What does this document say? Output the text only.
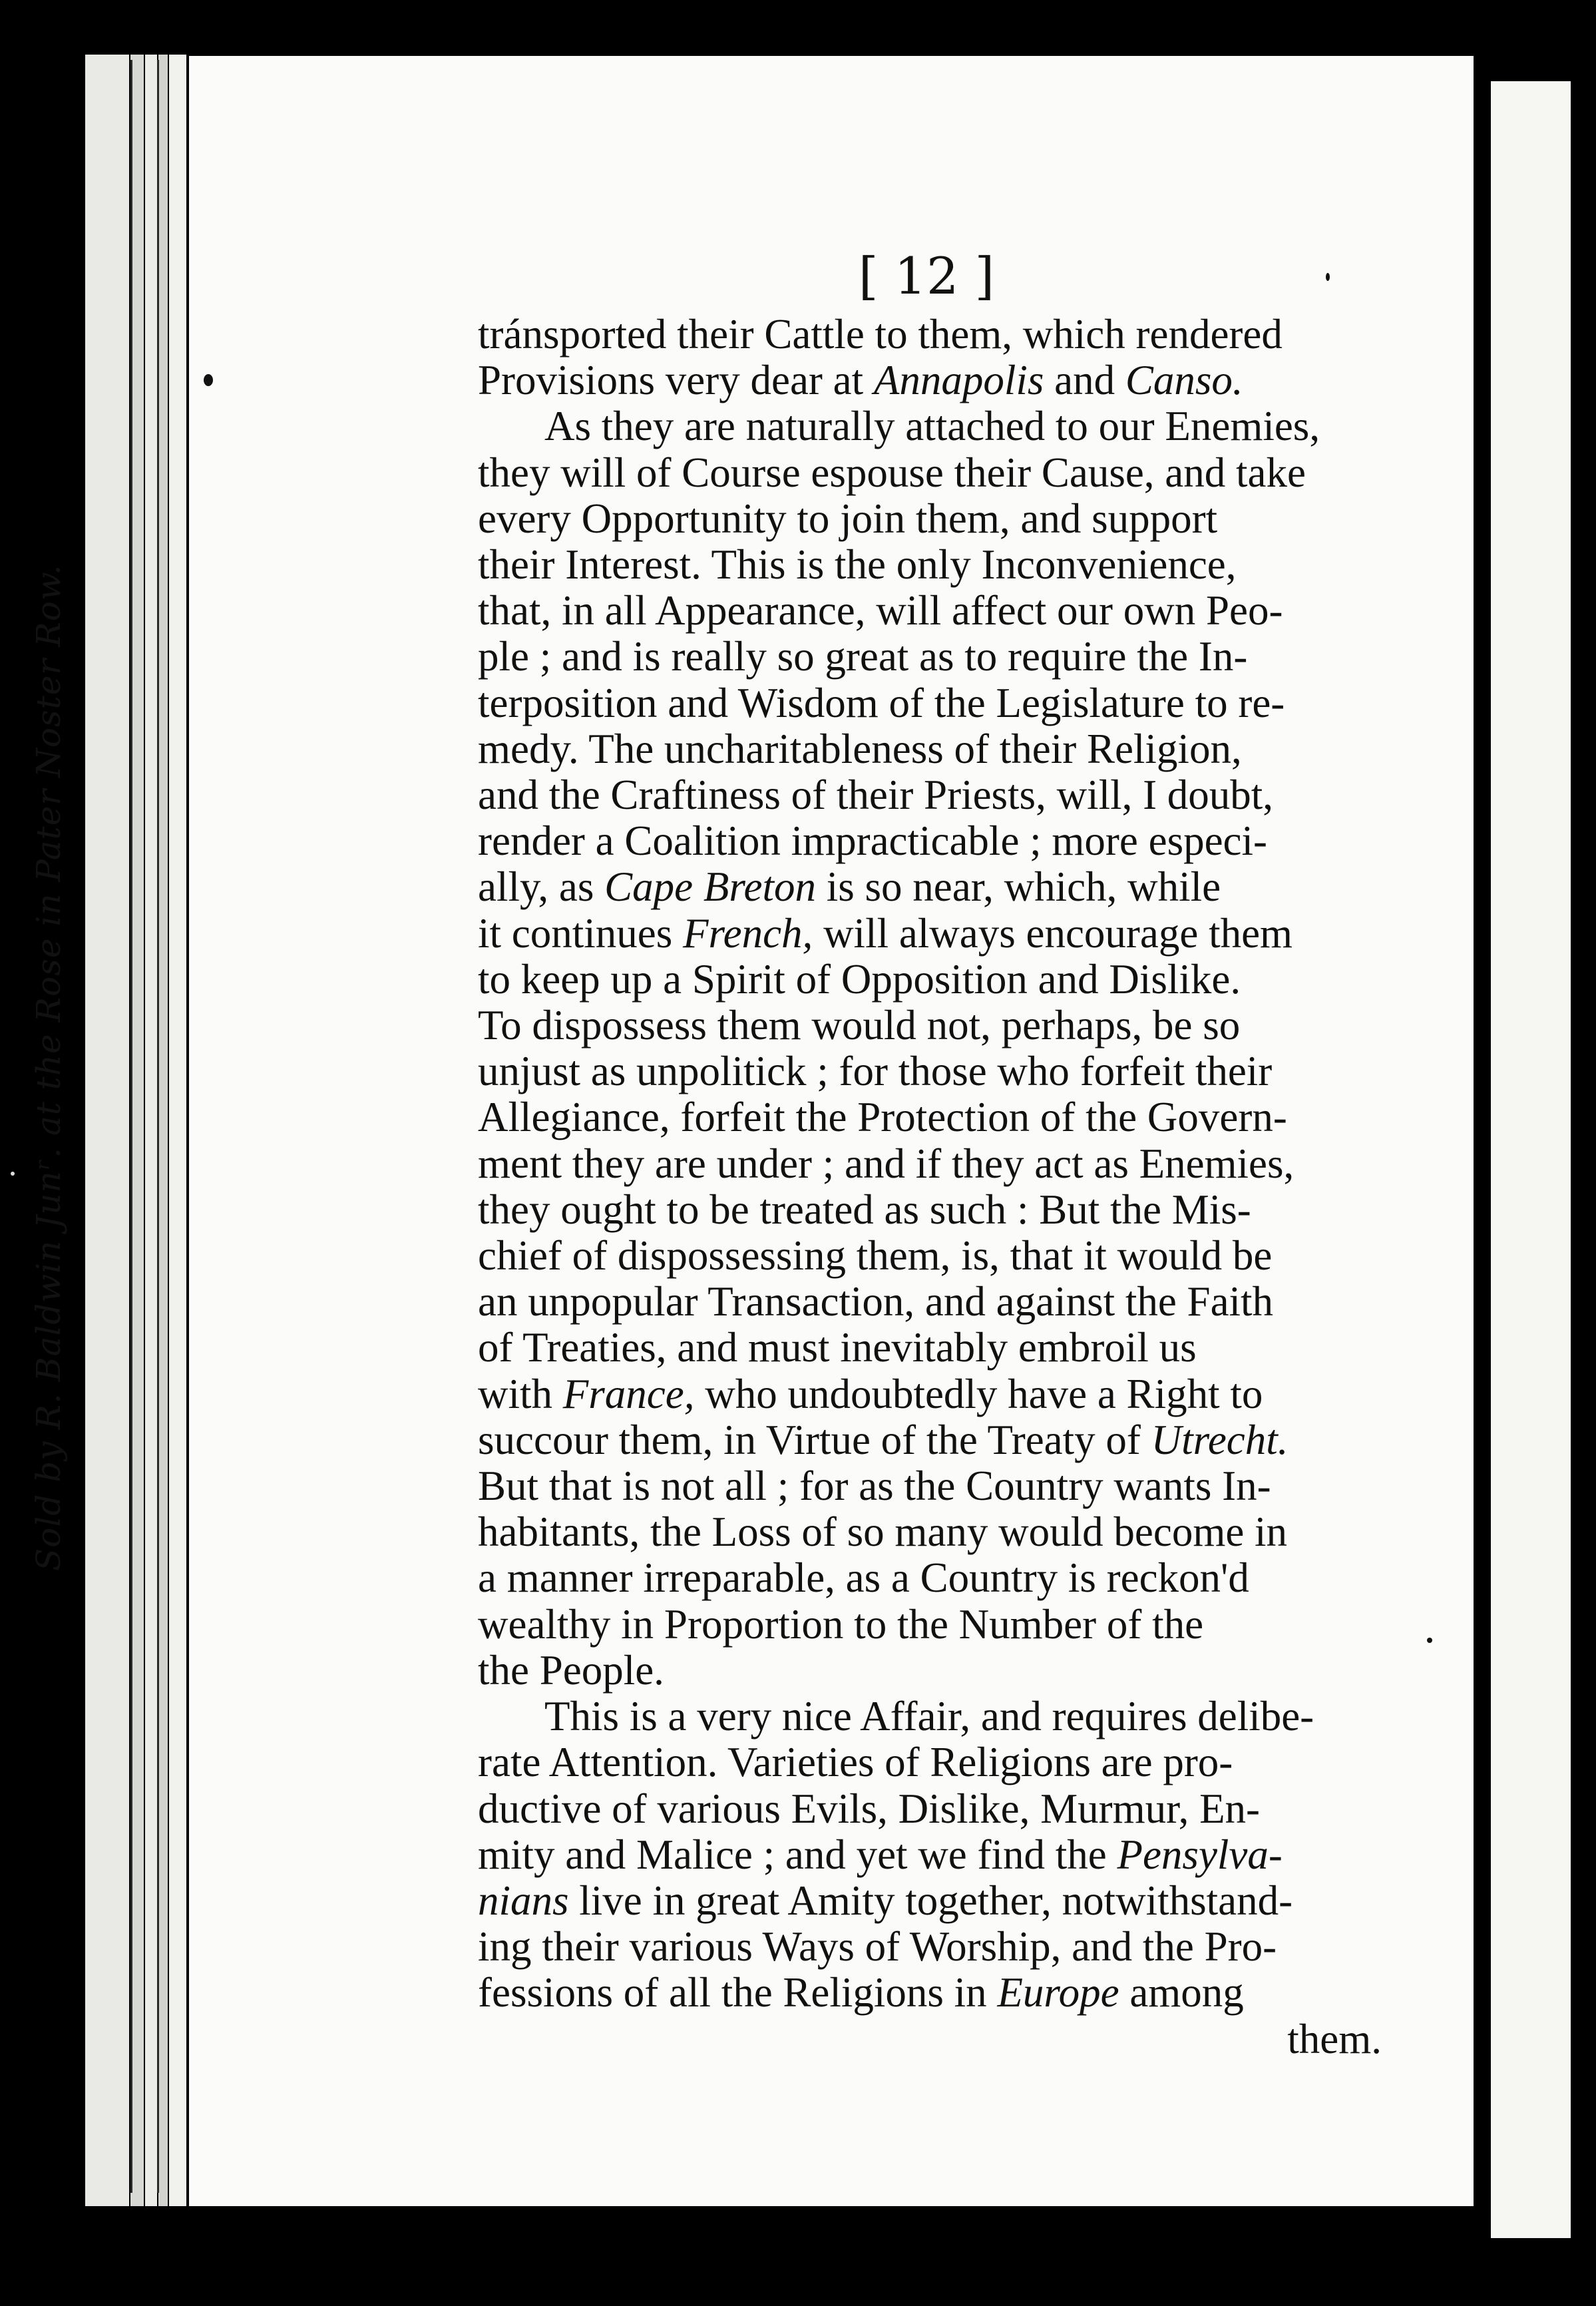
Sold by R. Baldwin Junʳ. at the Rose in Pater Noster Row.
[ 12 ]

tránsported their Cattle to them, which rendered
Provisions very dear at Annapolis and Canso.

As they are naturally attached to our Enemies,
they will of Course espouse their Cause, and take
every Opportunity to join them, and support
their Interest. This is the only Inconvenience,
that, in all Appearance, will affect our own Peo-
ple ; and is really so great as to require the In-
terposition and Wisdom of the Legislature to re-
medy. The uncharitableness of their Religion,
and the Craftiness of their Priests, will, I doubt,
render a Coalition impracticable ; more especi-
ally, as Cape Breton is so near, which, while
it continues French, will always encourage them
to keep up a Spirit of Opposition and Dislike.
To dispossess them would not, perhaps, be so
unjust as unpolitick ; for those who forfeit their
Allegiance, forfeit the Protection of the Govern-
ment they are under ; and if they act as Enemies,
they ought to be treated as such : But the Mis-
chief of dispossessing them, is, that it would be
an unpopular Transaction, and against the Faith
of Treaties, and must inevitably embroil us
with France, who undoubtedly have a Right to
succour them, in Virtue of the Treaty of Utrecht.
But that is not all ; for as the Country wants In-
habitants, the Loss of so many would become in
a manner irreparable, as a Country is reckon'd
wealthy in Proportion to the Number of the
the People.

This is a very nice Affair, and requires delibe-
rate Attention. Varieties of Religions are pro-
ductive of various Evils, Dislike, Murmur, En-
mity and Malice ; and yet we find the Pensylva-
nians live in great Amity together, notwithstand-
ing their various Ways of Worship, and the Pro-
fessions of all the Religions in Europe among
them.
